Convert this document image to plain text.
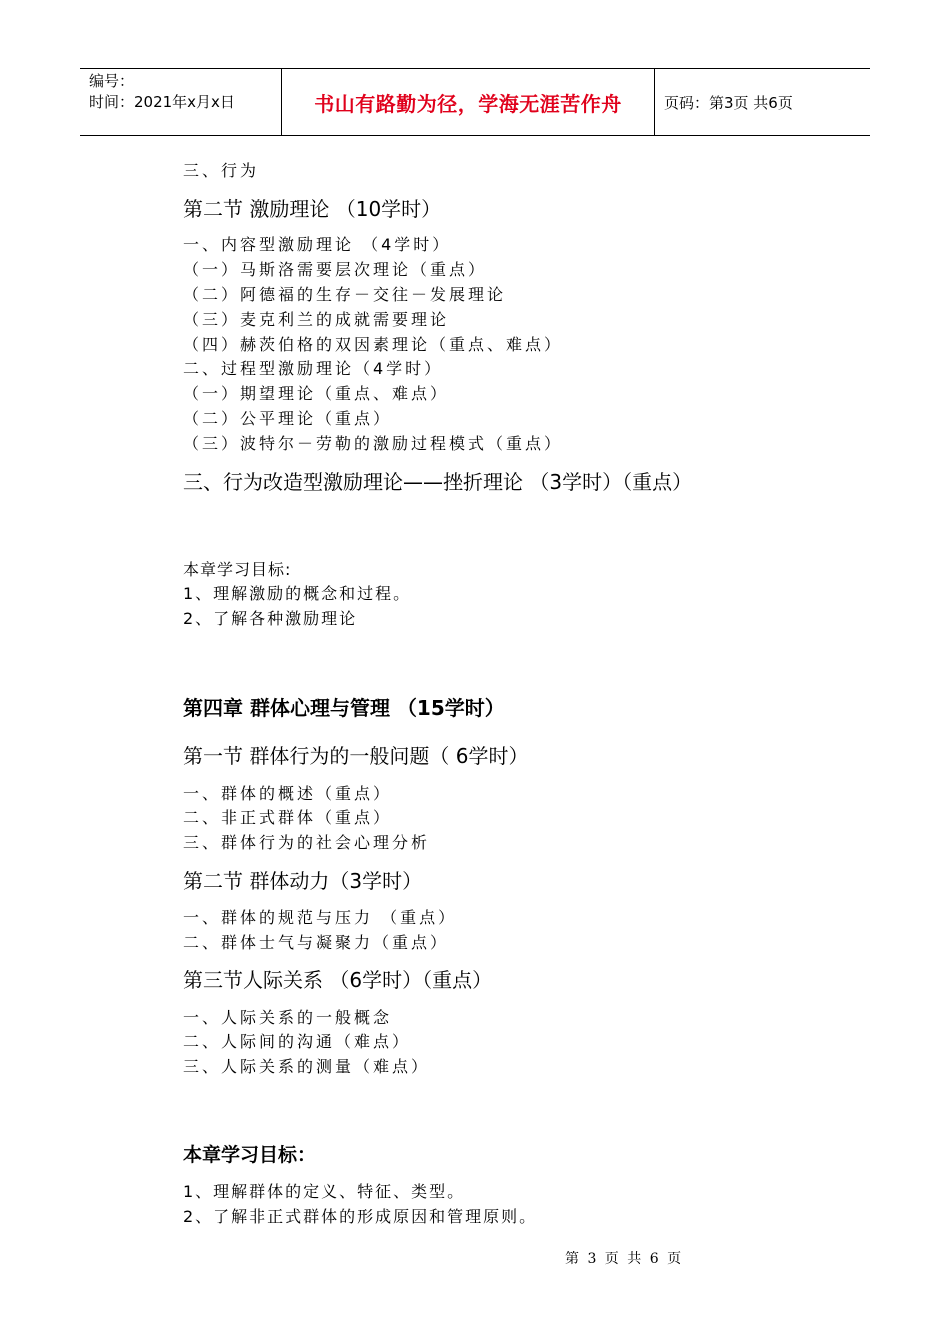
编号：
时间：2021年x月x日	书山有路勤为径，学海无涯苦作舟	页码：第3页 共6页
三、行为
第二节 激励理论 （10学时）
一、内容型激励理论 （4学时）
（一）马斯洛需要层次理论（重点）
（二）阿德福的生存－交往－发展理论
（三）麦克利兰的成就需要理论
（四）赫茨伯格的双因素理论（重点、难点）
二、过程型激励理论（4学时）
（一）期望理论（重点、难点）
（二）公平理论（重点）
（三）波特尔－劳勒的激励过程模式（重点）
三、行为改造型激励理论——挫折理论 （3学时）（重点）
本章学习目标:
1、理解激励的概念和过程。
2、了解各种激励理论
第四章 群体心理与管理 （15学时）
第一节 群体行为的一般问题（ 6学时）
一、群体的概述（重点）
二、非正式群体（重点）
三、群体行为的社会心理分析
第二节 群体动力（3学时）
一、群体的规范与压力 （重点）
二、群体士气与凝聚力（重点）
第三节人际关系 （6学时）（重点）
一、人际关系的一般概念
二、人际间的沟通（难点）
三、人际关系的测量（难点）
本章学习目标：
1、理解群体的定义、特征、类型。
2、了解非正式群体的形成原因和管理原则。
第 3 页 共 6 页
